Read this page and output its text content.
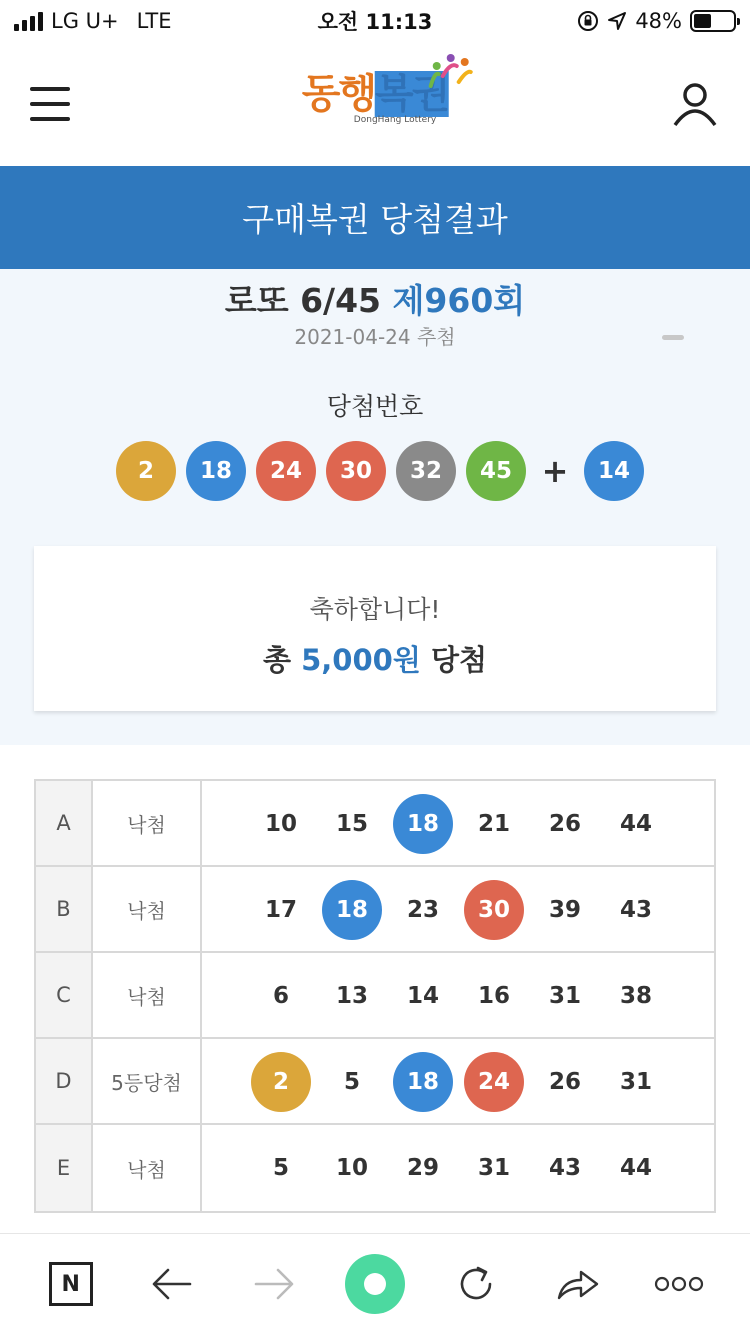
LG U+ LTE	오전 11:13	48%
동행복권
DongHang Lottery
구매복권 당첨결과
로또 6/45 제960회
2021-04-24 추첨
당첨번호
2	18	24	30	32	45 +	14
축하합니다!
총 5,000원 당첨
A	낙첨	10	15	18	21	26	44
B	낙첨	17	18	23	30	39	43
C	낙첨	6	13	14	16	31	38
D	5등당첨	2	5	18	24	26	31
E	낙첨	5	10	29	31	43	44
N
